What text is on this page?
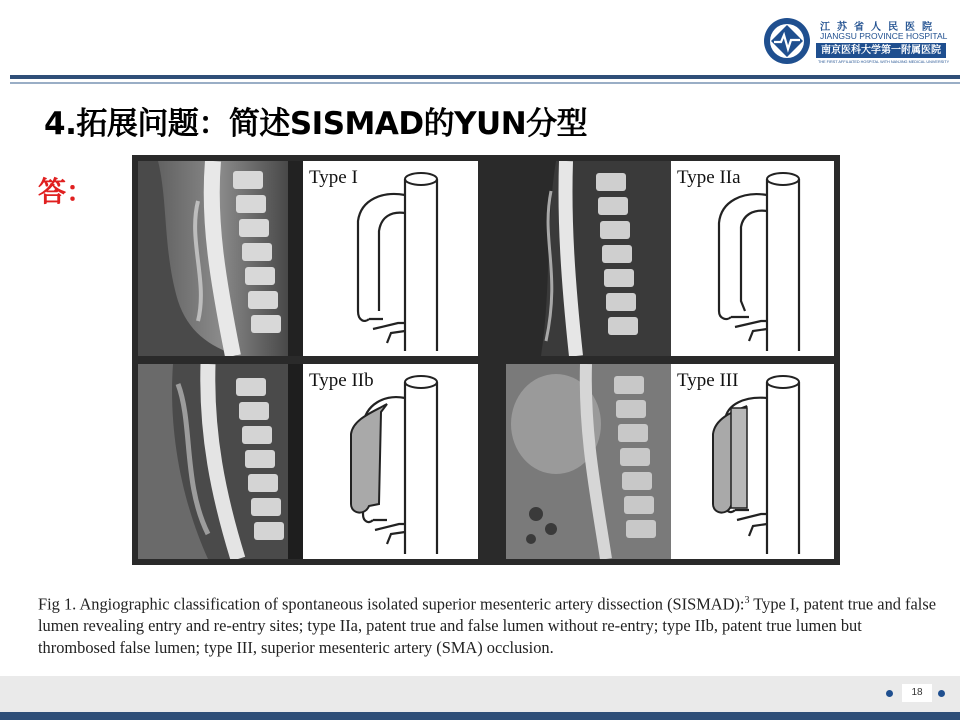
江苏省人民医院
JIANGSU PROVINCE HOSPITAL
南京医科大学第一附属医院
THE FIRST AFFILIATED HOSPITAL WITH NANJING MEDICAL UNIVERSITY
4.拓展问题：简述SISMAD的YUN分型
答：	Type I	Type IIa
Type IIb	Type III
Fig 1. Angiographic classification of spontaneous isolated superior mesenteric artery dissection (SISMAD):$^3$ Type I, patent true and false lumen revealing entry and re-entry sites; type IIa, patent true and false lumen without re-entry; type IIb, patent true lumen but thrombosed false lumen; type III, superior mesenteric artery (SMA) occlusion.
18
